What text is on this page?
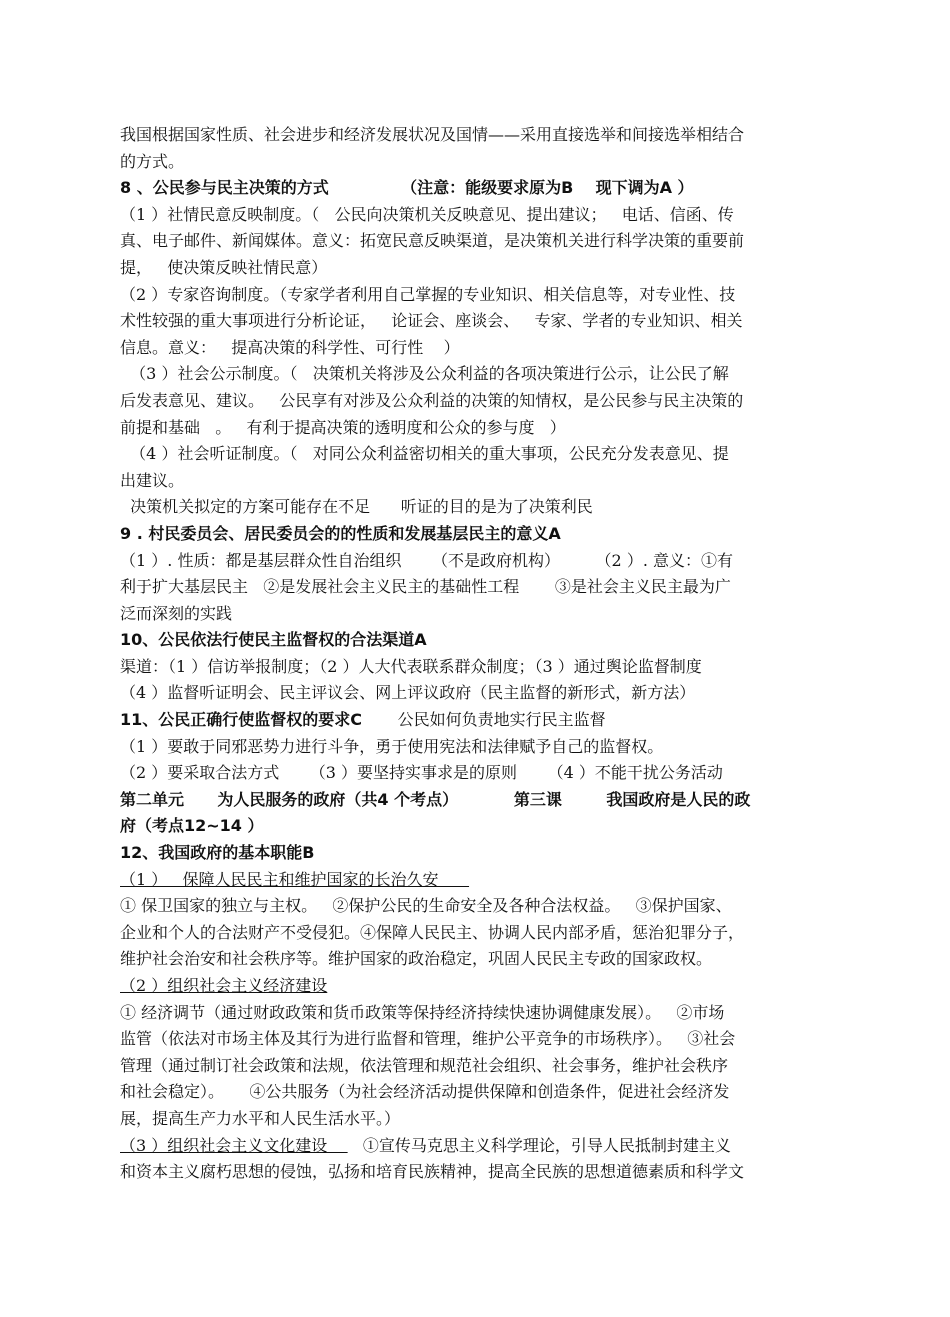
我国根据国家性质、社会进步和经济发展状况及国情——采用直接选举和间接选举相结合

的方式。

8 、公民参与民主决策的方式             （注意：能级要求原为B    现下调为A ）

（1 ）社情民意反映制度。（   公民向决策机关反映意见、提出建议；   电话、信函、传

真、电子邮件、新闻媒体。意义：拓宽民意反映渠道，是决策机关进行科学决策的重要前

提，   使决策反映社情民意）

（2 ）专家咨询制度。（专家学者利用自己掌握的专业知识、相关信息等，对专业性、技

术性较强的重大事项进行分析论证，   论证会、座谈会、   专家、学者的专业知识、相关

信息。意义：   提高决策的科学性、可行性    ）

（3 ）社会公示制度。（   决策机关将涉及公众利益的各项决策进行公示，让公民了解

后发表意见、建议。   公民享有对涉及公众利益的决策的知情权，是公民参与民主决策的

前提和基础   。   有利于提高决策的透明度和公众的参与度   ）

（4 ）社会听证制度。（   对同公众利益密切相关的重大事项，公民充分发表意见、提

出建议。

决策机关拟定的方案可能存在不足      听证的目的是为了决策利民

9 . 村民委员会、居民委员会的的性质和发展基层民主的意义A

（1 ）. 性质：都是基层群众性自治组织      （不是政府机构）       （2 ）. 意义：①有

利于扩大基层民主   ②是发展社会主义民主的基础性工程       ③是社会主义民主最为广

泛而深刻的实践

10、公民依法行使民主监督权的合法渠道A

渠道：（1 ）信访举报制度；（2 ）人大代表联系群众制度；（3 ）通过舆论监督制度

（4 ）监督听证明会、民主评议会、网上评议政府（民主监督的新形式，新方法）

11、公民正确行使监督权的要求C       公民如何负责地实行民主监督

（1 ）要敢于同邪恶势力进行斗争，勇于使用宪法和法律赋予自己的监督权。

（2 ）要采取合法方式      （3 ）要坚持实事求是的原则      （4 ）不能干扰公务活动

第二单元      为人民服务的政府（共4 个考点）          第三课        我国政府是人民的政

府（考点12~14 ）

12、我国政府的基本职能B

（1 ）   保障人民民主和维护国家的长治久安

① 保卫国家的独立与主权。   ②保护公民的生命安全及各种合法权益。   ③保护国家、

企业和个人的合法财产不受侵犯。④保障人民民主、协调人民内部矛盾，惩治犯罪分子，

维护社会治安和社会秩序等。维护国家的政治稳定，巩固人民民主专政的国家政权。

（2 ）组织社会主义经济建设

① 经济调节（通过财政政策和货币政策等保持经济持续快速协调健康发展）。   ②市场

监管（依法对市场主体及其行为进行监督和管理，维护公平竞争的市场秩序）。   ③社会

管理（通过制订社会政策和法规，依法管理和规范社会组织、社会事务，维护社会秩序

和社会稳定）。     ④公共服务（为社会经济活动提供保障和创造条件，促进社会经济发

展，提高生产力水平和人民生活水平。）

（3 ）组织社会主义文化建设       ①宣传马克思主义科学理论，引导人民抵制封建主义

和资本主义腐朽思想的侵蚀，弘扬和培育民族精神，提高全民族的思想道德素质和科学文
